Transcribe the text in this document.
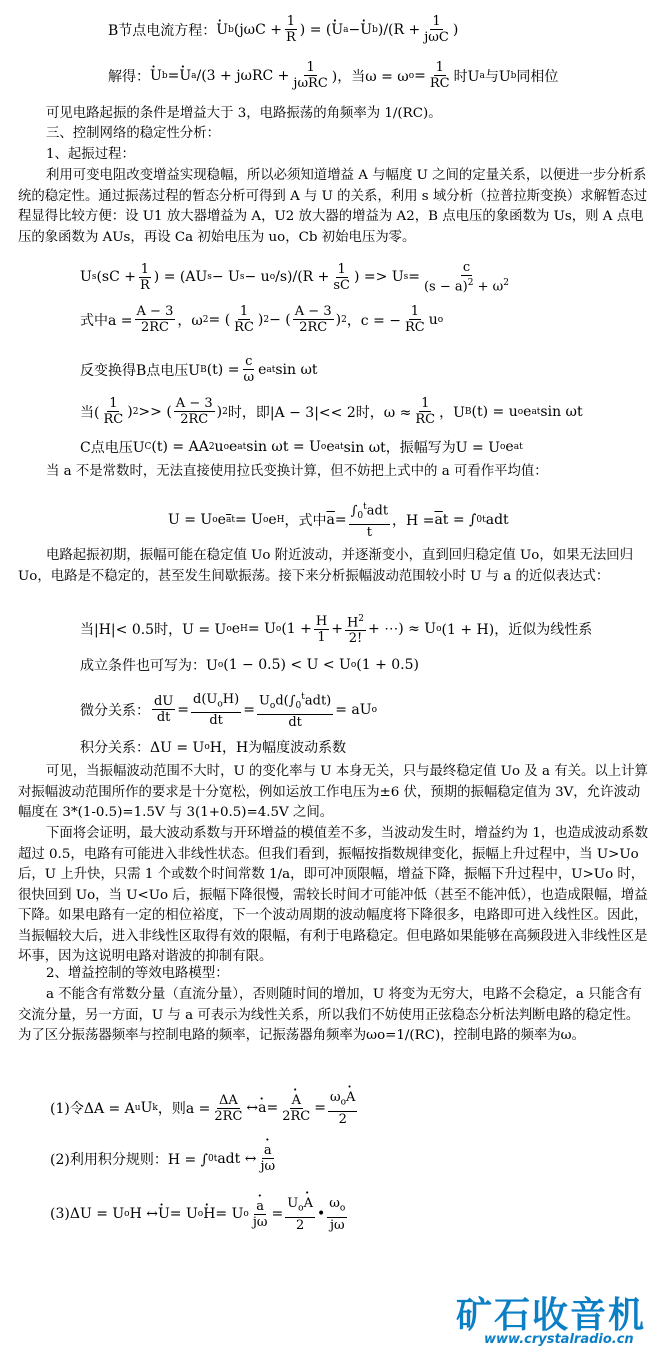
B节点电流方程： · U b ($j\omega C + \frac{1}{R}$ ) = ( · U a − · U b )$/(R + \frac{1}{\text{jωC}}$ )
解得： · U b = · U a $/(3 + j\omega RC + \frac{1}{\text{jωRC}}$ )，当ω = ω $o = \frac{1}{RC}$ 时U a 与U b 同相位
可见电路起振的条件是增益大于 3，电路振荡的角频率为 1/(RC)。
三、控制网络的稳定性分析：
1、起振过程：
利用可变电阻改变增益实现稳幅，所以必须知道增益 A 与幅度 U 之间的定量关系，以便进一步分析系统的稳定性。通过振荡过程的暂态分析可得到 A 与 U 的关系，利用 s 域分析（拉普拉斯变换）求解暂态过程显得比较方便：设 U1 放大器增益为 A，U2 放大器的增益为 A2，B 点电压的象函数为 Us，则 A 点电压的象函数为 AUs，再设 Ca 初始电压为 uo，Cb 初始电压为零。
U s ($sC + \frac{1}{R}$ ) = (AU s − U s − u o $/s)/(R + \frac{1}{sC}$ ) => U $s = \frac{c}{(s - a)^2 + \omega^2}$
式中$a = \frac{A - 3}{2RC}$ ，ω 2 = ( $\frac{1}{RC}$ ) 2 − ( $\frac{A - 3}{2RC}$ ) 2 ，c = − $\frac{1}{RC}$ u o
反变换得B点电压U B $(t) = \frac{c}{\omega}$ e at sin ωt
当( $\frac{1}{RC}$ ) 2 >> ( $\frac{A - 3}{2RC}$ ) 2 时，即|A − 3|<< 2时，$\omega \approx \frac{1}{RC}$ ，U B (t) = u o e at sin ωt
C点电压U C (t) = AA 2 u o e at sin ωt = U o e at sin ωt，振幅写为U = U o e at
当 a 不是常数时，无法直接使用拉氏变换计算，但不妨把上式中的 a 可看作平均值：
U = U o e $\overline{a}t = U$ o e H ，式中 $\overline{a} = \frac{\int_0^tadt}{t}$ ，$H = \overline{a}$ t = ∫ 0 t adt
电路起振初期，振幅可能在稳定值 Uo 附近波动，并逐渐变小，直到回归稳定值 Uo，如果无法回归 Uo，电路是不稳定的，甚至发生间歇振荡。接下来分析振幅波动范围较小时 U 与 a 的近似表达式：
当|H|< 0.5时，U = U o e H = U o ($1 + \frac{H}{1} + \frac{H^2}{2!}$ + ⋯) ≈ U o (1 + H)，近似为线性系
成立条件也可写为：U o (1 − 0.5) < U < U o (1 + 0.5)
微分关系： $\frac{dU}{dt} = \frac{d(U_oH)}{dt} = \frac{U_od(\int_0^tadt)}{dt}$ = aU o
积分关系：ΔU = U o H，H为幅度波动系数
可见，当振幅波动范围不大时，U 的变化率与 U 本身无关，只与最终稳定值 Uo 及 a 有关。以上计算对振幅波动范围所作的要求是十分宽松，例如运放工作电压为±6 伏，预期的振幅稳定值为 3V，允许波动幅度在 3*(1-0.5)=1.5V 与 3(1+0.5)=4.5V 之间。
下面将会证明，最大波动系数与开环增益的模值差不多，当波动发生时，增益约为 1，也造成波动系数超过 0.5，电路有可能进入非线性状态。但我们看到，振幅按指数规律变化，振幅上升过程中，当 U>Uo 后，U 上升快，只需 1 个或数个时间常数 1/a，即可冲顶限幅，增益下降，振幅下升过程中，U>Uo 时，很快回到 Uo，当 U<Uo 后，振幅下降很慢，需较长时间才可能冲低（甚至不能冲低），也造成限幅，增益下降。如果电路有一定的相位裕度，下一个波动周期的波动幅度将下降很多，电路即可进入线性区。因此，当振幅较大后，进入非线性区取得有效的限幅，有利于电路稳定。但电路如果能够在高频段进入非线性区是坏事，因为这说明电路对谐波的抑制有限。
2、增益控制的等效电路模型：
a 不能含有常数分量（直流分量），否则随时间的增加，U 将变为无穷大，电路不会稳定，a 只能含有交流分量，另一方面，U 与 a 可表示为线性关系，所以我们不妨使用正弦稳态分析法判断电路的稳定性。为了区分振荡器频率与控制电路的频率，记振荡器角频率为ωo=1/(RC)，控制电路的频率为ω。
(1)令ΔA = A u U k ，则$a = \frac{\Delta A}{2RC}$ ↔ · a = · $\frac{A}{2RC} = \frac{\omega_o\cdot A}{2}$
(2)利用积分规则：H = ∫ 0 t adt ↔ · $\frac{a}{j\omega}$
(3)ΔU = U o H ↔ · U = U o · H = U $o \cdot \frac{a}{j\omega} = \frac{U_o\cdot A}{2}$ • $\frac{\omega_o}{j\omega}$
矿石收音机
www.crystalradio.cn
